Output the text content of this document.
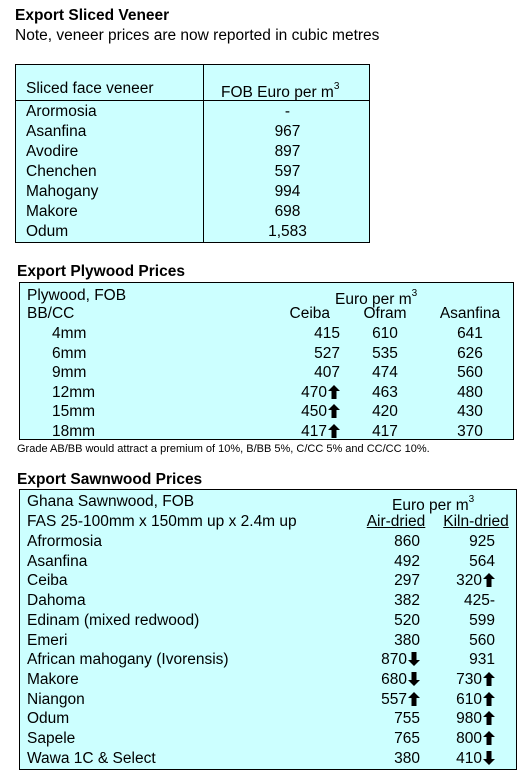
Export Sliced Veneer
Note, veneer prices are now reported in cubic metres
Sliced face veneer	FOB Euro per $m^3$
Arormosia	-
Asanfina	967
Avodire	897
Chenchen	597
Mahogany	994
Makore	698
Odum	1,583
Export Plywood Prices
Plywood, FOB
BB/CC
Euro per $m^3$
Ceiba	Ofram	Asanfina
4mm	415	610	641
6mm	527	535	626
9mm	407	474	560
12mm	470	463	480
15mm	450	420	430
18mm	417	417	370
Grade AB/BB would attract a premium of 10%, B/BB 5%, C/CC 5% and CC/CC 10%.
Export Sawnwood Prices
Ghana Sawnwood, FOB
FAS 25-100mm x 150mm up x 2.4m up
Euro per $m^3$
Air-dried	Kiln-dried
Afrormosia	860	925
Asanfina	492	564
Ceiba	297	320
Dahoma	382	425-
Edinam (mixed redwood)	520	599
Emeri	380	560
African mahogany (Ivorensis)	870	931
Makore	680	730
Niangon	557	610
Odum	755	980
Sapele	765	800
Wawa 1C & Select	380	410
